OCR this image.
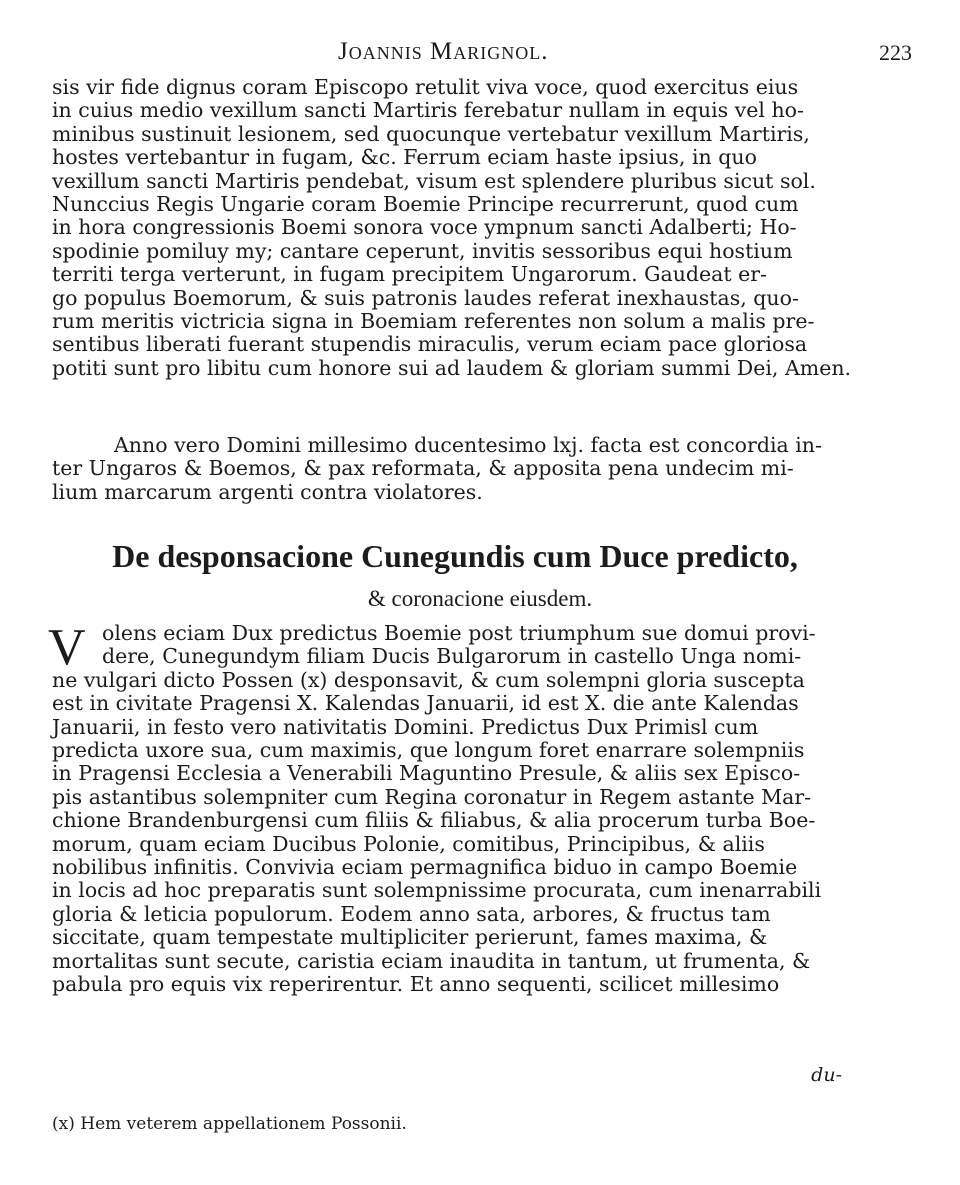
Joannis Marignol.	223

sis vir fide dignus coram Episcopo retulit viva voce, quod exercitus eius
in cuius medio vexillum sancti Martiris ferebatur nullam in equis vel ho-
minibus sustinuit lesionem, sed quocunque vertebatur vexillum Martiris,
hostes vertebantur in fugam, &c. Ferrum eciam haste ipsius, in quo
vexillum sancti Martiris pendebat, visum est splendere pluribus sicut sol.
Nunccius Regis Ungarie coram Boemie Principe recurrerunt, quod cum
in hora congressionis Boemi sonora voce ympnum sancti Adalberti; Ho-
spodinie pomiluy my; cantare ceperunt, invitis sessoribus equi hostium
territi terga verterunt, in fugam precipitem Ungarorum. Gaudeat er-
go populus Boemorum, & suis patronis laudes referat inexhaustas, quo-
rum meritis victricia signa in Boemiam referentes non solum a malis pre-
sentibus liberati fuerant stupendis miraculis, verum eciam pace gloriosa
potiti sunt pro libitu cum honore sui ad laudem & gloriam summi Dei, Amen.

Anno vero Domini millesimo ducentesimo lxj. facta est concordia in-
ter Ungaros & Boemos, & pax reformata, & apposita pena undecim mi-
lium marcarum argenti contra violatores.

De desponsacione Cunegundis cum Duce predicto,

& coronacione eiusdem.

V olens eciam Dux predictus Boemie post triumphum sue domui provi-
dere, Cunegundym filiam Ducis Bulgarorum in castello Unga nomi-
ne vulgari dicto Possen (x) desponsavit, & cum solempni gloria suscepta
est in civitate Pragensi X. Kalendas Januarii, id est X. die ante Kalendas
Januarii, in festo vero nativitatis Domini. Predictus Dux Primisl cum
predicta uxore sua, cum maximis, que longum foret enarrare solempniis
in Pragensi Ecclesia a Venerabili Maguntino Presule, & aliis sex Episco-
pis astantibus solempniter cum Regina coronatur in Regem astante Mar-
chione Brandenburgensi cum filiis & filiabus, & alia procerum turba Boe-
morum, quam eciam Ducibus Polonie, comitibus, Principibus, & aliis
nobilibus infinitis. Convivia eciam permagnifica biduo in campo Boemie
in locis ad hoc preparatis sunt solempnissime procurata, cum inenarrabili
gloria & leticia populorum. Eodem anno sata, arbores, & fructus tam
siccitate, quam tempestate multipliciter perierunt, fames maxima, &
mortalitas sunt secute, caristia eciam inaudita in tantum, ut frumenta, &
pabula pro equis vix reperirentur. Et anno sequenti, scilicet millesimo

du-
(x) Hem veterem appellationem Possonii.
